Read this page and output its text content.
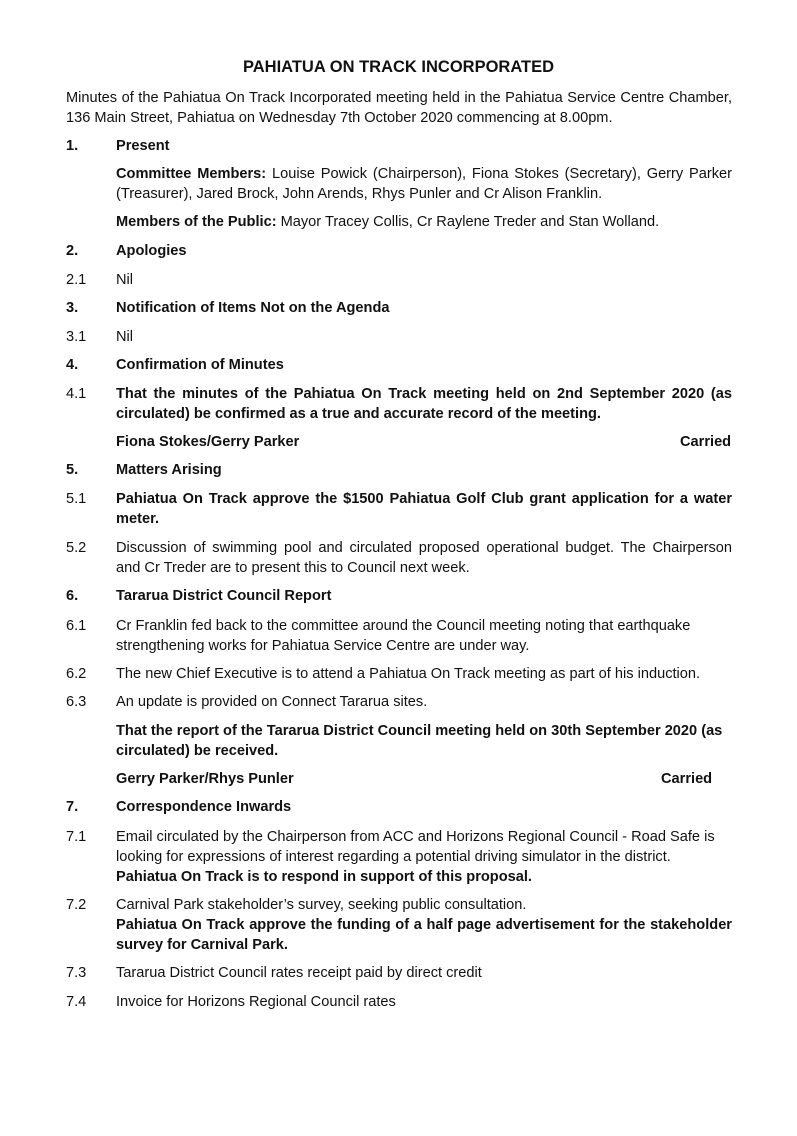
PAHIATUA ON TRACK INCORPORATED
Minutes of the Pahiatua On Track Incorporated meeting held in the Pahiatua Service Centre Chamber, 136 Main Street, Pahiatua on Wednesday 7th October 2020 commencing at 8.00pm.
1.	Present
Committee Members: Louise Powick (Chairperson), Fiona Stokes (Secretary), Gerry Parker (Treasurer), Jared Brock, John Arends, Rhys Punler and Cr Alison Franklin.
Members of the Public: Mayor Tracey Collis, Cr Raylene Treder and Stan Wolland.
2.	Apologies
2.1 Nil
3.	Notification of Items Not on the Agenda
3.1 Nil
4.	Confirmation of Minutes
4.1 That the minutes of the Pahiatua On Track meeting held on 2nd September 2020 (as circulated) be confirmed as a true and accurate record of the meeting.
Fiona Stokes/Gerry Parker	Carried
5.	Matters Arising
5.1 Pahiatua On Track approve the $1500 Pahiatua Golf Club grant application for a water meter.
5.2 Discussion of swimming pool and circulated proposed operational budget. The Chairperson and Cr Treder are to present this to Council next week.
6.	Tararua District Council Report
6.1 Cr Franklin fed back to the committee around the Council meeting noting that earthquake strengthening works for Pahiatua Service Centre are under way.
6.2 The new Chief Executive is to attend a Pahiatua On Track meeting as part of his induction.
6.3 An update is provided on Connect Tararua sites.
That the report of the Tararua District Council meeting held on 30th September 2020 (as circulated) be received.
Gerry Parker/Rhys Punler	Carried
7.	Correspondence Inwards
7.1 Email circulated by the Chairperson from ACC and Horizons Regional Council - Road Safe is looking for expressions of interest regarding a potential driving simulator in the district.
Pahiatua On Track is to respond in support of this proposal.
7.2 Carnival Park stakeholder’s survey, seeking public consultation.
Pahiatua On Track approve the funding of a half page advertisement for the stakeholder survey for Carnival Park.
7.3 Tararua District Council rates receipt paid by direct credit
7.4 Invoice for Horizons Regional Council rates
